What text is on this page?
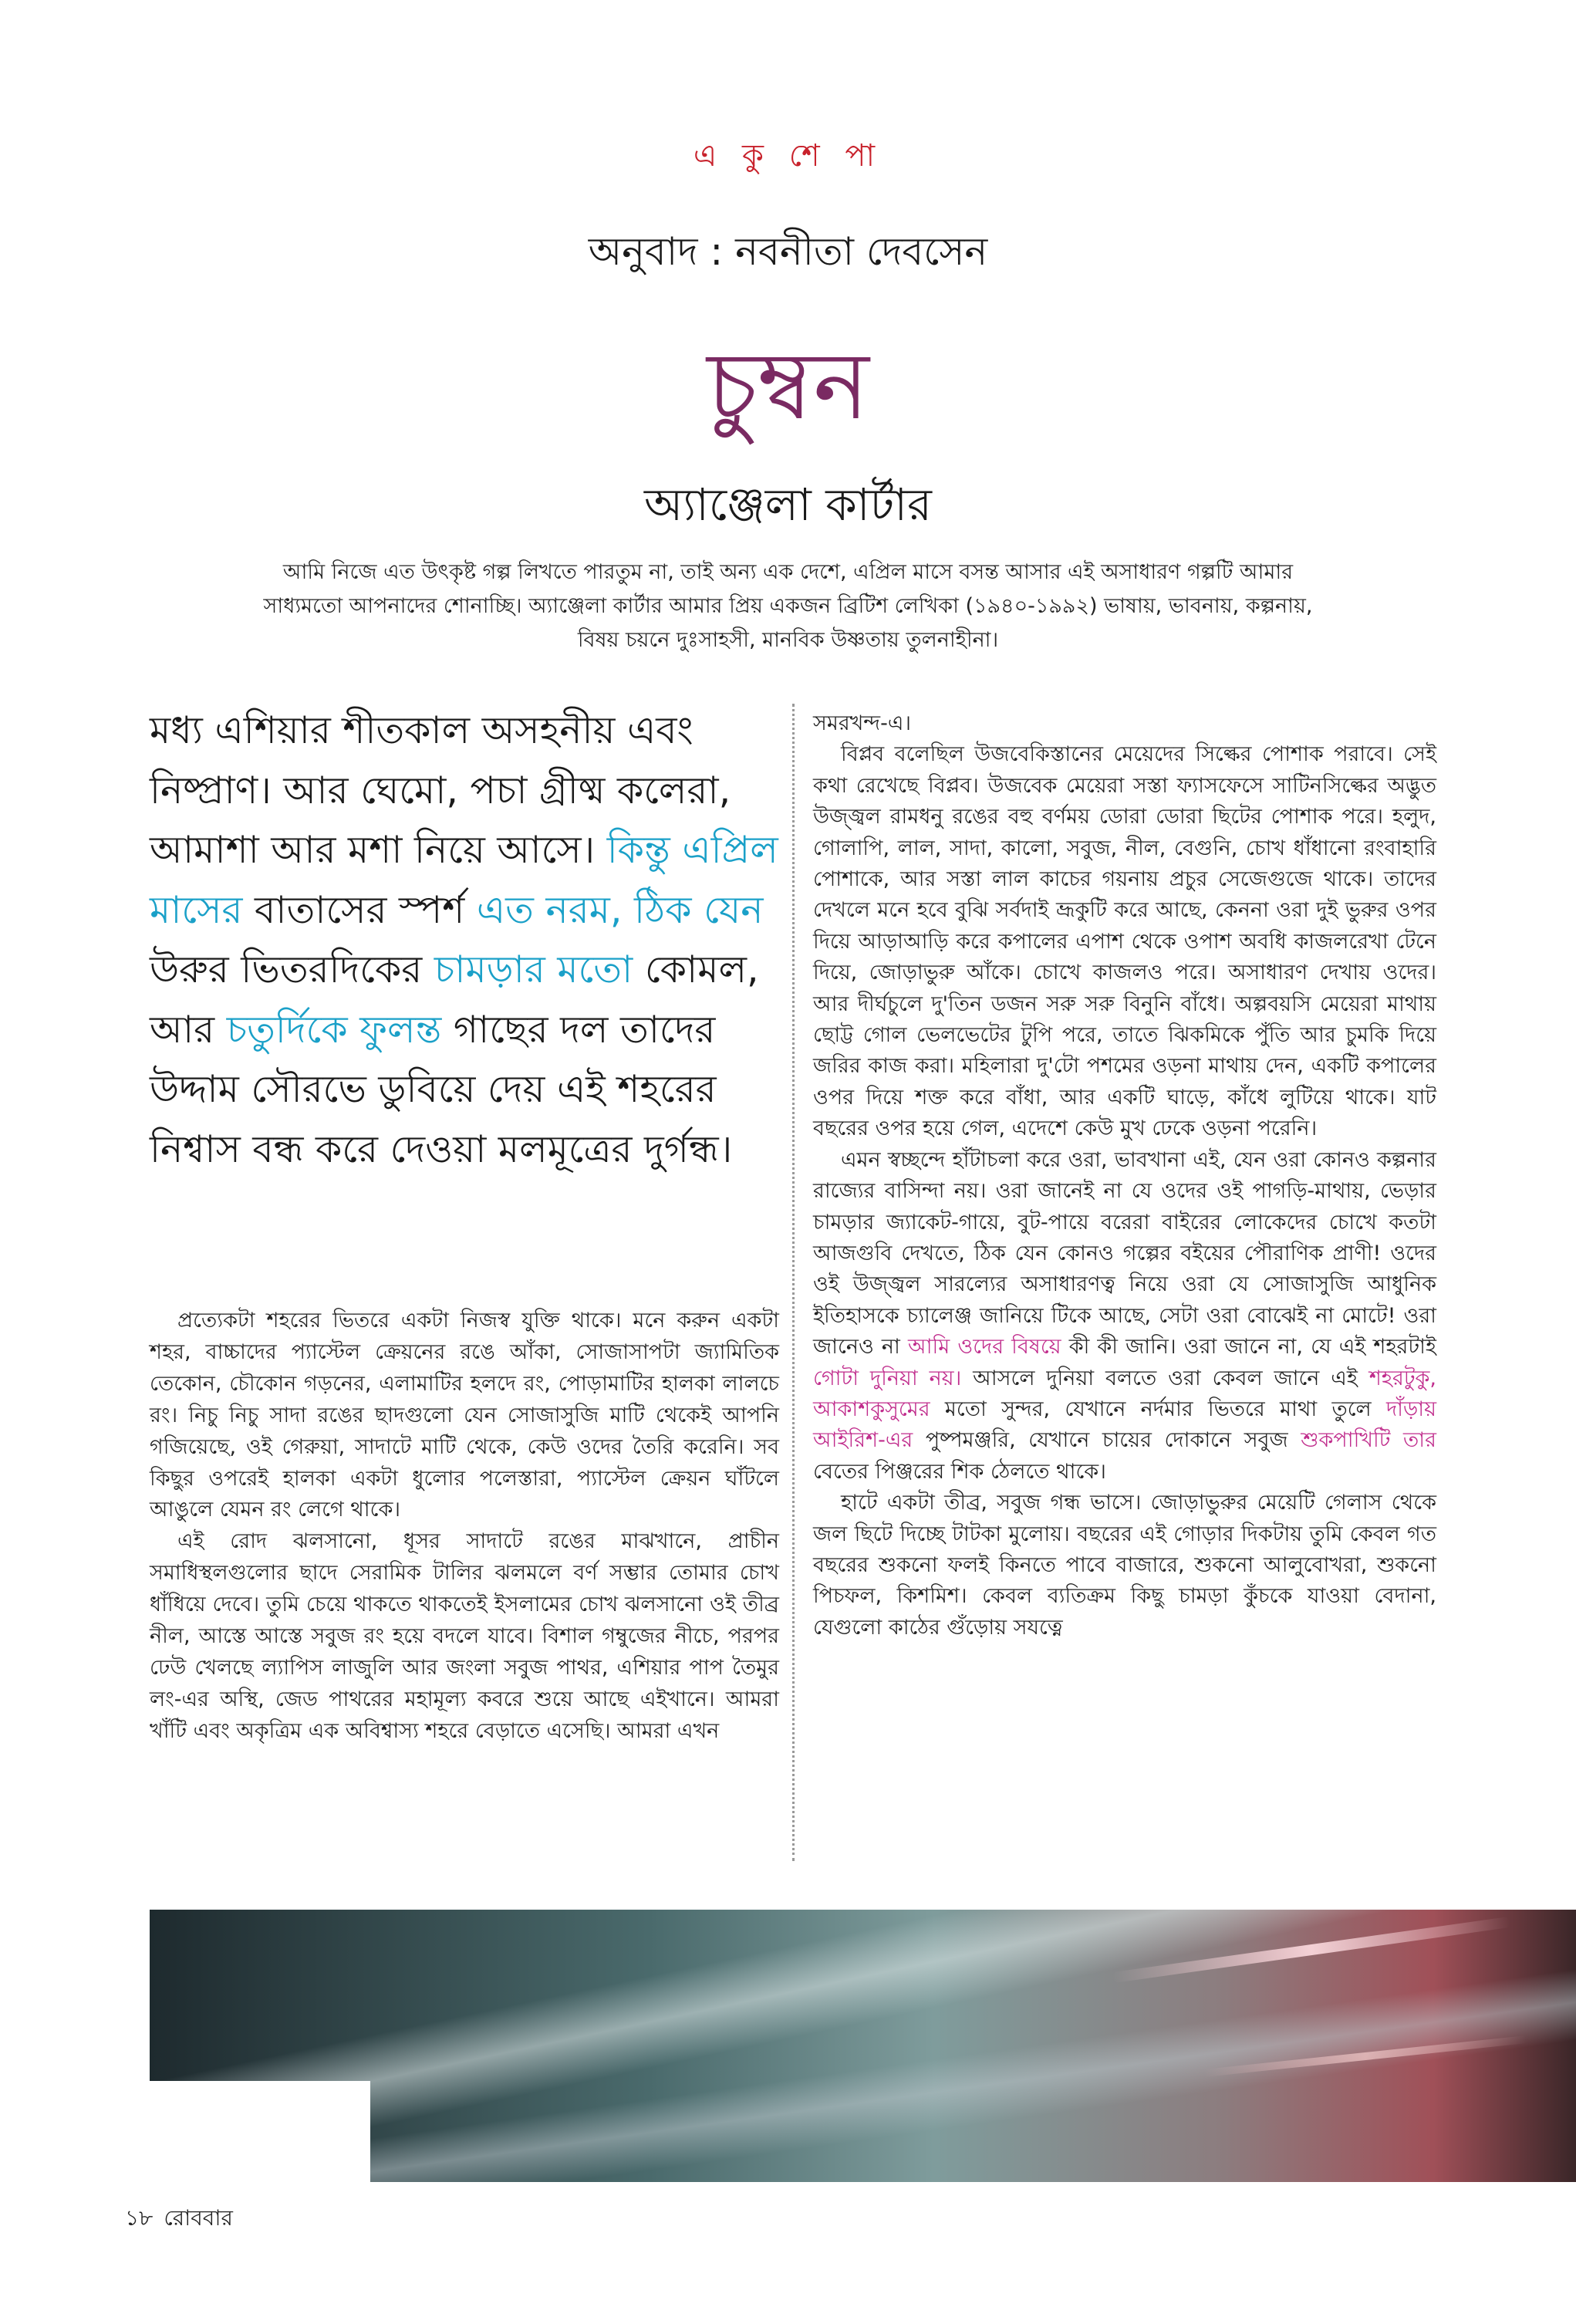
এ কু শে পা
অনুবাদ : নবনীতা দেবসেন
চুম্বন
অ্যাঞ্জেলা কার্টার
আমি নিজে এত উৎকৃষ্ট গল্প লিখতে পারতুম না, তাই অন্য এক দেশে, এপ্রিল মাসে বসন্ত আসার এই অসাধারণ গল্পটি আমার সাধ্যমতো আপনাদের শোনাচ্ছি। অ্যাঞ্জেলা কার্টার আমার প্রিয় একজন ব্রিটিশ লেখিকা (১৯৪০-১৯৯২) ভাষায়, ভাবনায়, কল্পনায়, বিষয় চয়নে দুঃসাহসী, মানবিক উষ্ণতায় তুলনাহীনা।
মধ্য এশিয়ার শীতকাল অসহনীয় এবং নিষ্প্রাণ। আর ঘেমো, পচা গ্রীষ্ম কলেরা, আমাশা আর মশা নিয়ে আসে। কিন্তু এপ্রিল মাসের বাতাসের স্পর্শ এত নরম, ঠিক যেন উরুর ভিতরদিকের চামড়ার মতো কোমল, আর চতুর্দিকে ফুলন্ত গাছের দল তাদের উদ্দাম সৌরভে ডুবিয়ে দেয় এই শহরের নিশ্বাস বন্ধ করে দেওয়া মলমূত্রের দুর্গন্ধ।

প্রত্যেকটা শহরের ভিতরে একটা নিজস্ব যুক্তি থাকে। মনে করুন একটা শহর, বাচ্চাদের প্যাস্টেল ক্রেয়নের রঙে আঁকা, সোজাসাপটা জ্যামিতিক তেকোন, চৌকোন গড়নের, এলামাটির হলদে রং, পোড়ামাটির হালকা লালচে রং। নিচু নিচু সাদা রঙের ছাদগুলো যেন সোজাসুজি মাটি থেকেই আপনি গজিয়েছে, ওই গেরুয়া, সাদাটে মাটি থেকে, কেউ ওদের তৈরি করেনি। সব কিছুর ওপরেই হালকা একটা ধুলোর পলেস্তারা, প্যাস্টেল ক্রেয়ন ঘাঁটলে আঙুলে যেমন রং লেগে থাকে।

এই রোদ ঝলসানো, ধূসর সাদাটে রঙের মাঝখানে, প্রাচীন সমাধিস্থলগুলোর ছাদে সেরামিক টালির ঝলমলে বর্ণ সম্ভার তোমার চোখ ধাঁধিয়ে দেবে। তুমি চেয়ে থাকতে থাকতেই ইসলামের চোখ ঝলসানো ওই তীব্র নীল, আস্তে আস্তে সবুজ রং হয়ে বদলে যাবে। বিশাল গম্বুজের নীচে, পরপর ঢেউ খেলছে ল্যাপিস লাজুলি আর জংলা সবুজ পাথর, এশিয়ার পাপ তৈমুর লং-এর অস্থি, জেড পাথরের মহামূল্য কবরে শুয়ে আছে এইখানে। আমরা খাঁটি এবং অকৃত্রিম এক অবিশ্বাস্য শহরে বেড়াতে এসেছি। আমরা এখন

সমরখন্দ-এ।

বিপ্লব বলেছিল উজবেকিস্তানের মেয়েদের সিল্কের পোশাক পরাবে। সেই কথা রেখেছে বিপ্লব। উজবেক মেয়েরা সস্তা ফ্যাসফেসে সাটিনসিল্কের অদ্ভুত উজ্জ্বল রামধনু রঙের বহু বর্ণময় ডোরা ডোরা ছিটের পোশাক পরে। হলুদ, গোলাপি, লাল, সাদা, কালো, সবুজ, নীল, বেগুনি, চোখ ধাঁধানো রংবাহারি পোশাকে, আর সস্তা লাল কাচের গয়নায় প্রচুর সেজেগুজে থাকে। তাদের দেখলে মনে হবে বুঝি সর্বদাই ভ্রূকুটি করে আছে, কেননা ওরা দুই ভুরুর ওপর দিয়ে আড়াআড়ি করে কপালের এপাশ থেকে ওপাশ অবধি কাজলরেখা টেনে দিয়ে, জোড়াভুরু আঁকে। চোখে কাজলও পরে। অসাধারণ দেখায় ওদের। আর দীর্ঘচুলে দু'তিন ডজন সরু সরু বিনুনি বাঁধে। অল্পবয়সি মেয়েরা মাথায় ছোট্ট গোল ভেলভেটের টুপি পরে, তাতে ঝিকমিকে পুঁতি আর চুমকি দিয়ে জরির কাজ করা। মহিলারা দু'টো পশমের ওড়না মাথায় দেন, একটি কপালের ওপর দিয়ে শক্ত করে বাঁধা, আর একটি ঘাড়ে, কাঁধে লুটিয়ে থাকে। যাট বছরের ওপর হয়ে গেল, এদেশে কেউ মুখ ঢেকে ওড়না পরেনি।

এমন স্বচ্ছন্দে হাঁটাচলা করে ওরা, ভাবখানা এই, যেন ওরা কোনও কল্পনার রাজ্যের বাসিন্দা নয়। ওরা জানেই না যে ওদের ওই পাগড়ি-মাথায়, ভেড়ার চামড়ার জ্যাকেট-গায়ে, বুট-পায়ে বরেরা বাইরের লোকেদের চোখে কতটা আজগুবি দেখতে, ঠিক যেন কোনও গল্পের বইয়ের পৌরাণিক প্রাণী! ওদের ওই উজ্জ্বল সারল্যের অসাধারণত্ব নিয়ে ওরা যে সোজাসুজি আধুনিক ইতিহাসকে চ্যালেঞ্জ জানিয়ে টিকে আছে, সেটা ওরা বোঝেই না মোটে! ওরা জানেও না আমি ওদের বিষয়ে কী কী জানি। ওরা জানে না, যে এই শহরটাই গোটা দুনিয়া নয়। আসলে দুনিয়া বলতে ওরা কেবল জানে এই শহরটুকু, আকাশকুসুমের মতো সুন্দর, যেখানে নর্দমার ভিতরে মাথা তুলে দাঁড়ায় আইরিশ-এর পুষ্পমঞ্জরি, যেখানে চায়ের দোকানে সবুজ শুকপাখিটি তার বেতের পিঞ্জরের শিক ঠেলতে থাকে।

হাটে একটা তীব্র, সবুজ গন্ধ ভাসে। জোড়াভুরুর মেয়েটি গেলাস থেকে জল ছিটে দিচ্ছে টাটকা মুলোয়। বছরের এই গোড়ার দিকটায় তুমি কেবল গত বছরের শুকনো ফলই কিনতে পাবে বাজারে, শুকনো আলুবোখরা, শুকনো পিচফল, কিশমিশ। কেবল ব্যতিক্রম কিছু চামড়া কুঁচকে যাওয়া বেদানা, যেগুলো কাঠের গুঁড়োয় সযত্নে

১৮ রোববার
